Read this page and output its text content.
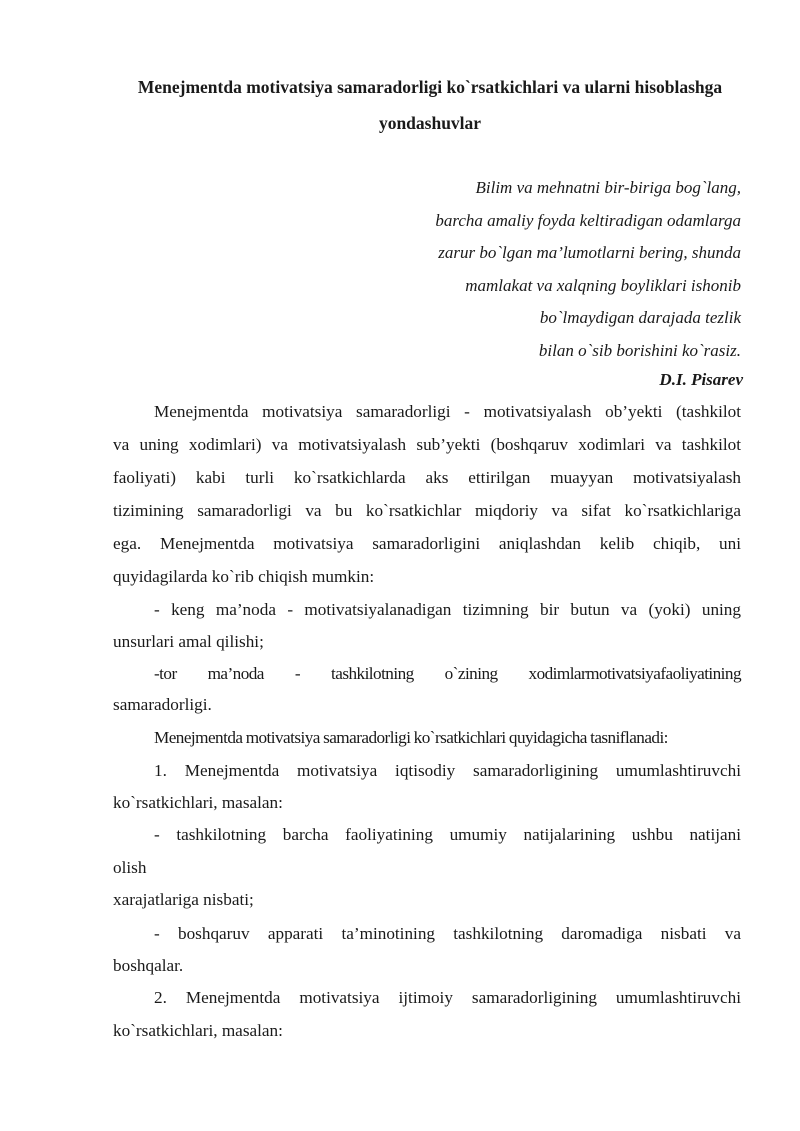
Menejmentda motivatsiya samaradorligi ko`rsatkichlari va ularni hisoblashga
yondashuvlar
Bilim va mehnatni bir-biriga bog`lang,
barcha amaliy foyda keltiradigan odamlarga
zarur bo`lgan ma’lumotlarni bering, shunda
mamlakat va xalqning boyliklari ishonib
bo`lmaydigan darajada tezlik
bilan o`sib borishini ko`rasiz.
D.I. Pisarev
Menejmentda motivatsiya samaradorligi - motivatsiyalash ob’yekti (tashkilot
va uning xodimlari) va motivatsiyalash sub’yekti (boshqaruv xodimlari va tashkilot
faoliyati) kabi turli ko`rsatkichlarda aks ettirilgan muayyan motivatsiyalash
tizimining samaradorligi va bu ko`rsatkichlar miqdoriy va sifat ko`rsatkichlariga
ega. Menejmentda motivatsiya samaradorligini aniqlashdan kelib chiqib, uni
quyidagilarda ko`rib chiqish mumkin:
- keng ma’noda - motivatsiyalanadigan tizimning bir butun va (yoki) uning
unsurlari amal qilishi;
-tor ma’noda - tashkilotning o`zining xodimlarmotivatsiyafaoliyatining
samaradorligi.
Menejmentda motivatsiya samaradorligi ko`rsatkichlari quyidagicha tasniflanadi:
1. Menejmentda motivatsiya iqtisodiy samaradorligining umumlashtiruvchi
ko`rsatkichlari, masalan:
- tashkilotning barcha faoliyatining umumiy natijalarining ushbu natijani
olish
xarajatlariga nisbati;
- boshqaruv apparati ta’minotining tashkilotning daromadiga nisbati va
boshqalar.
2. Menejmentda motivatsiya ijtimoiy samaradorligining umumlashtiruvchi
ko`rsatkichlari, masalan:
